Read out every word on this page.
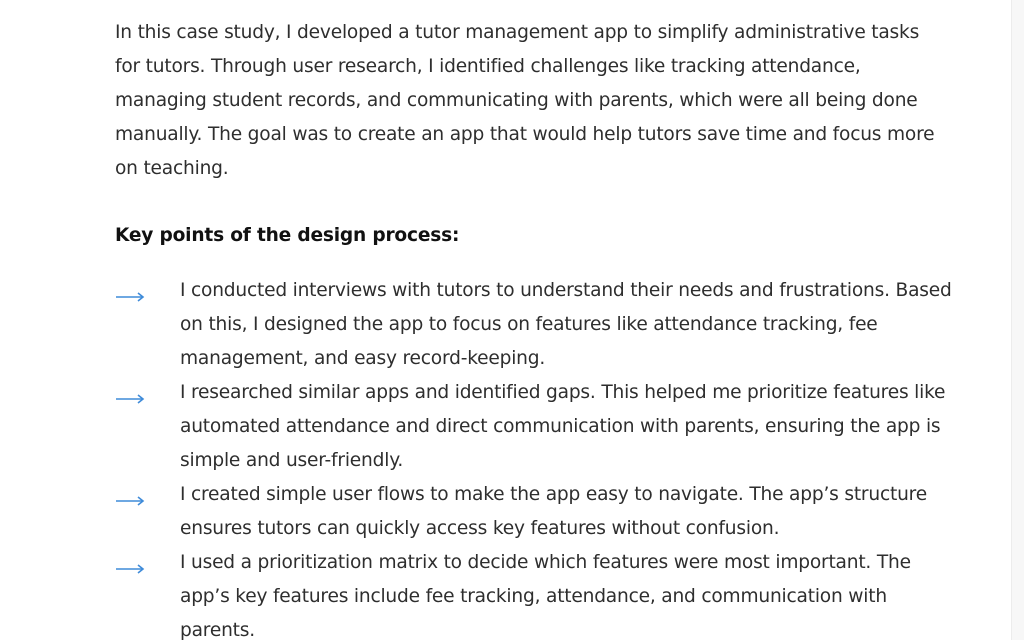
In this case study, I developed a tutor management app to simplify administrative tasks for tutors. Through user research, I identified challenges like tracking attendance, managing student records, and communicating with parents, which were all being done manually. The goal was to create an app that would help tutors save time and focus more on teaching.

Key points of the design process:
I conducted interviews with tutors to understand their needs and frustrations. Based on this, I designed the app to focus on features like attendance tracking, fee management, and easy record-keeping.
I researched similar apps and identified gaps. This helped me prioritize features like automated attendance and direct communication with parents, ensuring the app is simple and user-friendly.
I created simple user flows to make the app easy to navigate. The app’s structure ensures tutors can quickly access key features without confusion.
I used a prioritization matrix to decide which features were most important. The app’s key features include fee tracking, attendance, and communication with parents.
